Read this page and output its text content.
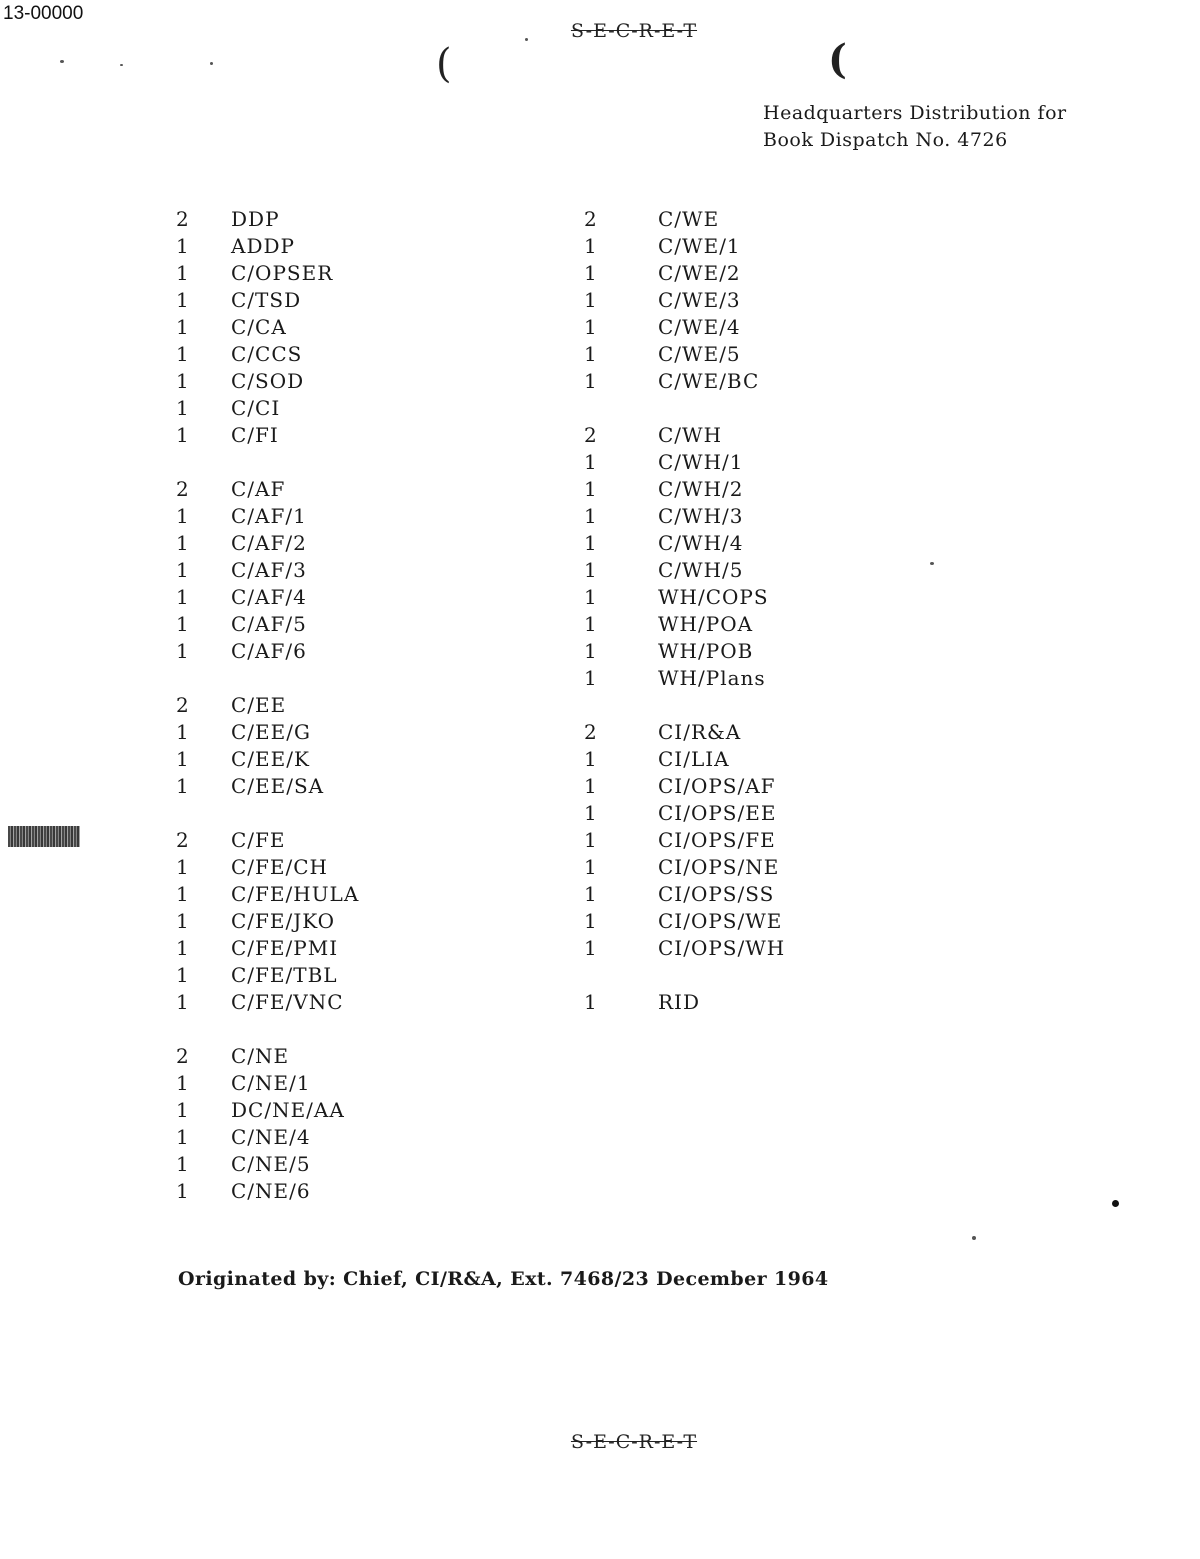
13-00000
S-E-C-R-E-T
(	(
Headquarters Distribution for
Book Dispatch No. 4726
2	DDP
1	ADDP
1	C/OPSER
1	C/TSD
1	C/CA
1	C/CCS
1	C/SOD
1	C/CI
1	C/FI
2	C/AF
1	C/AF/1
1	C/AF/2
1	C/AF/3
1	C/AF/4
1	C/AF/5
1	C/AF/6
2	C/EE
1	C/EE/G
1	C/EE/K
1	C/EE/SA
2	C/FE
1	C/FE/CH
1	C/FE/HULA
1	C/FE/JKO
1	C/FE/PMI
1	C/FE/TBL
1	C/FE/VNC
2	C/NE
1	C/NE/1
1	DC/NE/AA
1	C/NE/4
1	C/NE/5
1	C/NE/6
2	C/WE
1	C/WE/1
1	C/WE/2
1	C/WE/3
1	C/WE/4
1	C/WE/5
1	C/WE/BC
2	C/WH
1	C/WH/1
1	C/WH/2
1	C/WH/3
1	C/WH/4
1	C/WH/5
1	WH/COPS
1	WH/POA
1	WH/POB
1	WH/Plans
2	CI/R&A
1	CI/LIA
1	CI/OPS/AF
1	CI/OPS/EE
1	CI/OPS/FE
1	CI/OPS/NE
1	CI/OPS/SS
1	CI/OPS/WE
1	CI/OPS/WH
1	RID
Originated by: Chief, CI/R&A, Ext. 7468/23 December 1964
S-E-C-R-E-T
